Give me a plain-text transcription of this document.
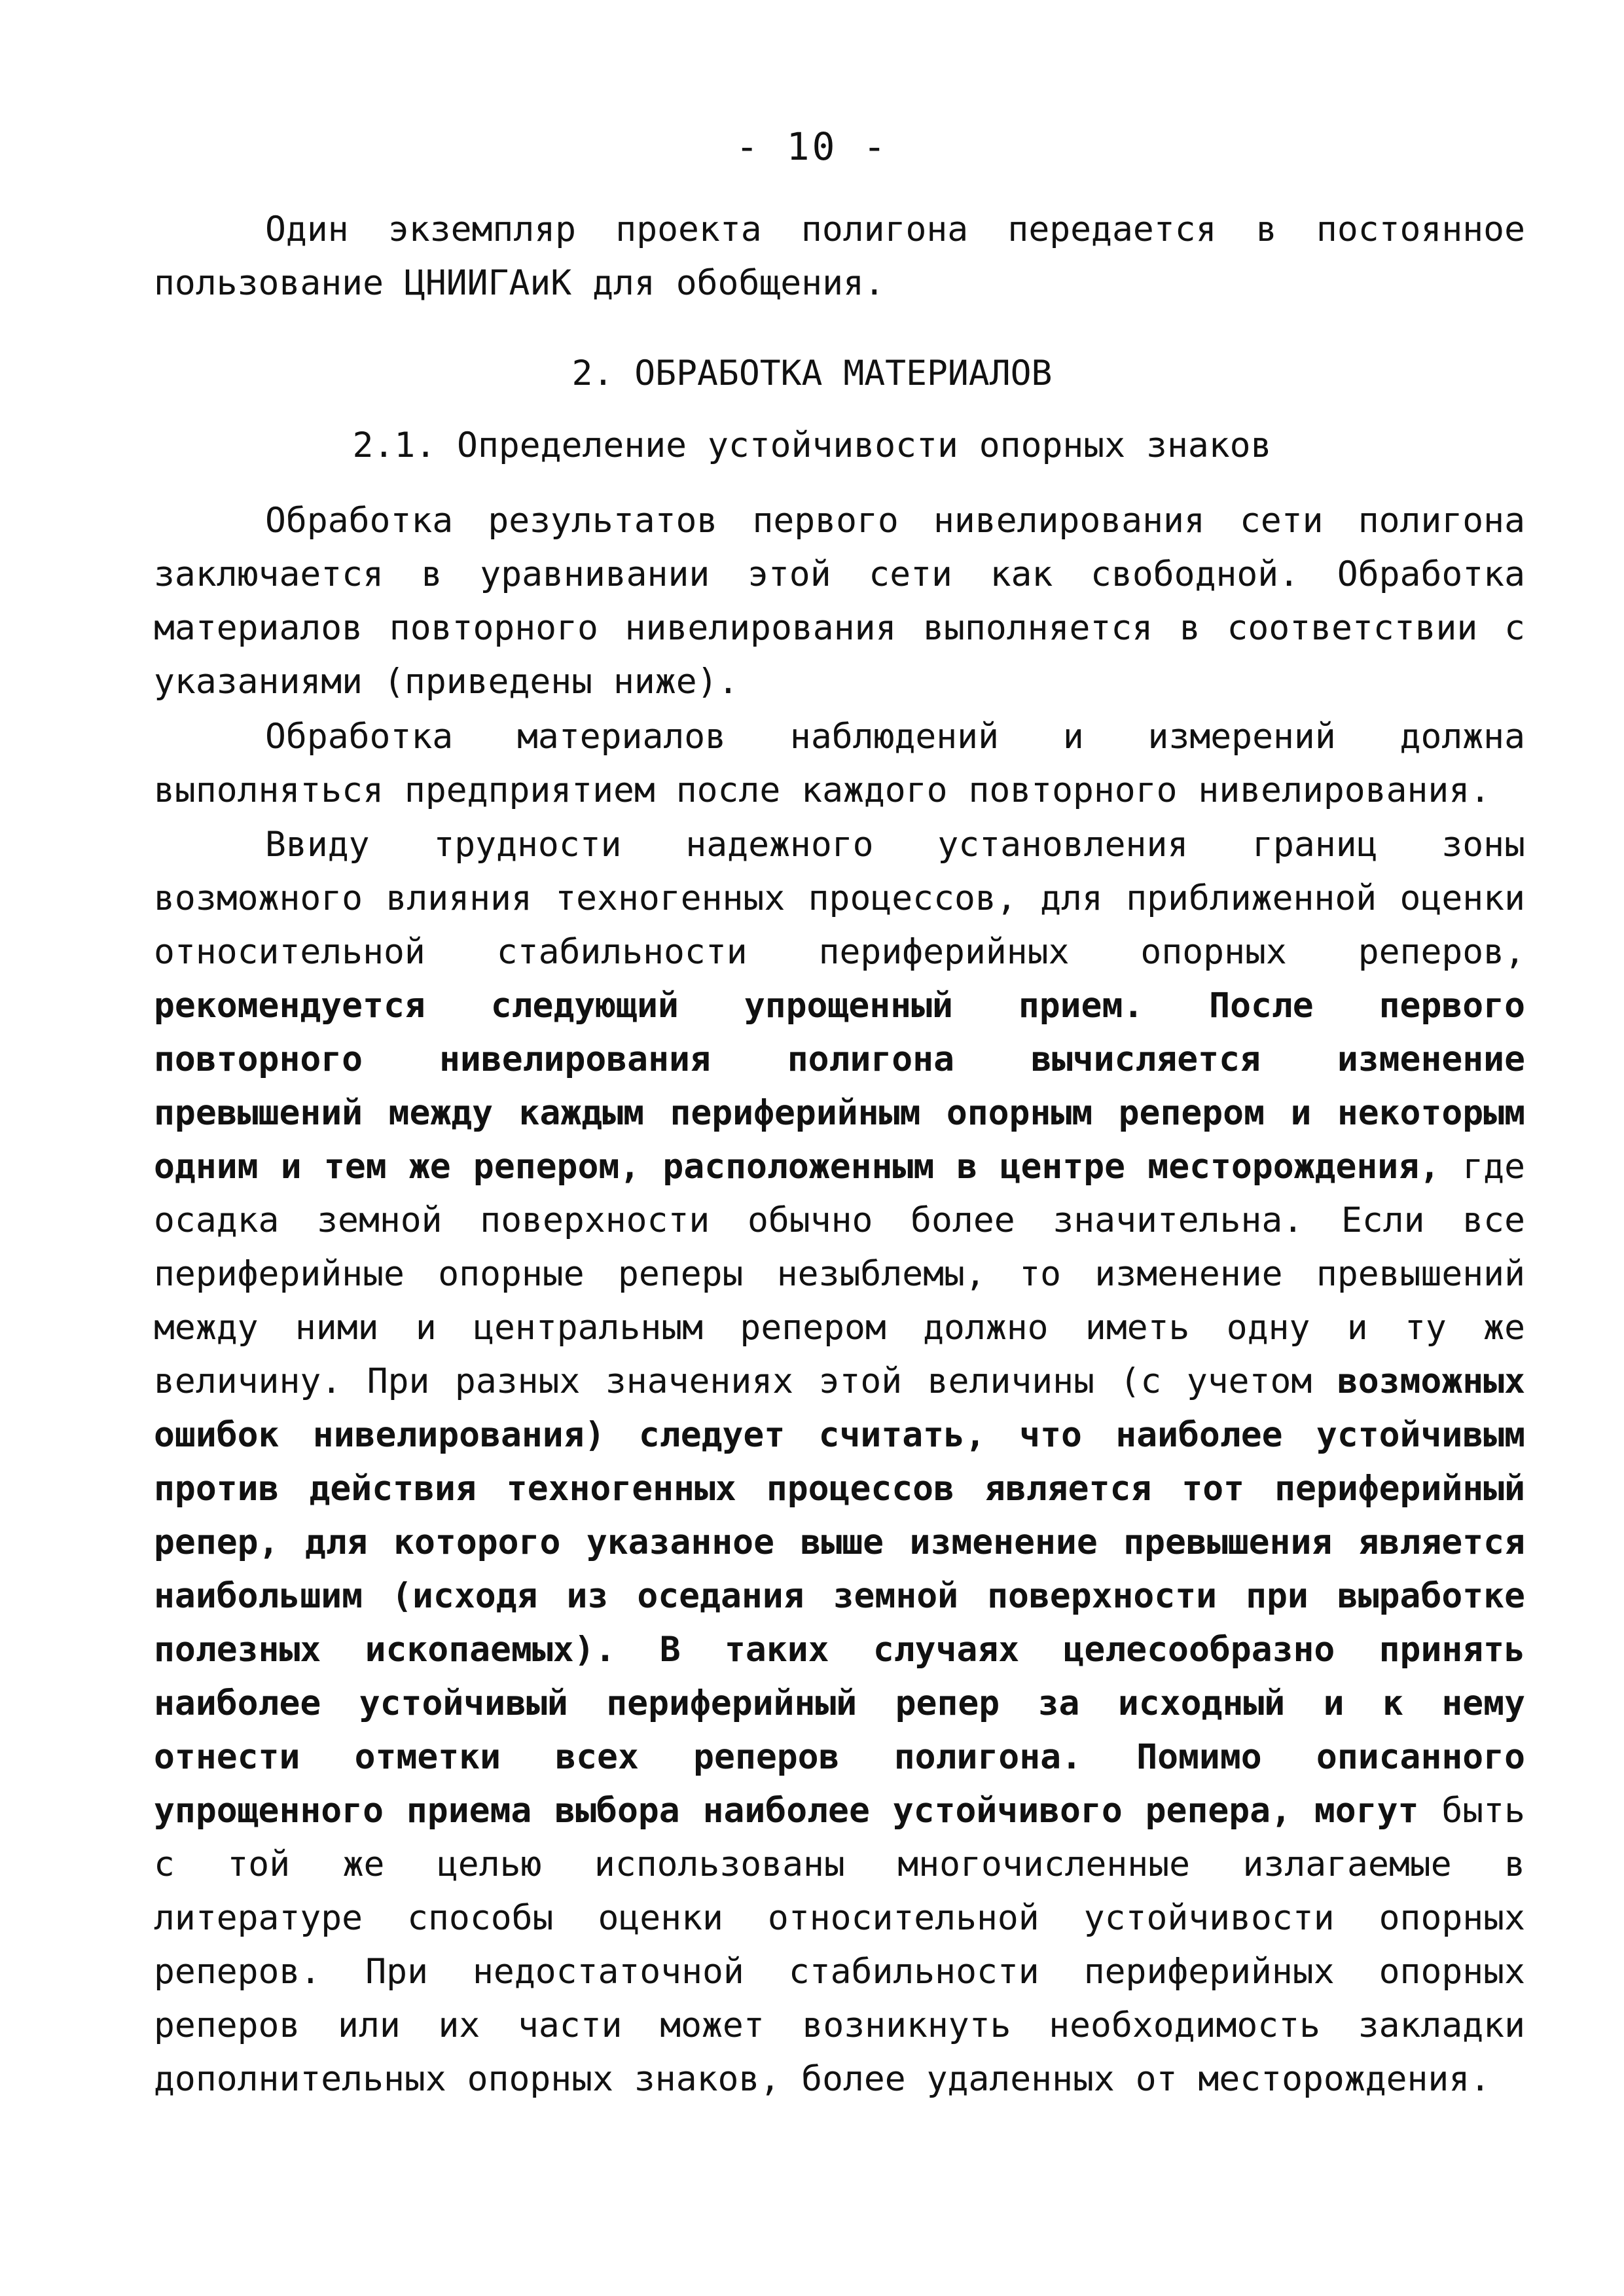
- 10 -

Один экземпляр проекта полигона передается в постоянное пользование ЦНИИГАиК для обобщения.

2. ОБРАБОТКА МАТЕРИАЛОВ

2.1. Определение устойчивости опорных знаков

Обработка результатов первого нивелирования сети полигона заключается в уравнивании этой сети как свободной. Обработка материалов повторного нивелирования выполняется в соответствии с указаниями (приведены ниже).

Обработка материалов наблюдений и измерений должна выполняться предприятием после каждого повторного нивелирования.

Ввиду трудности надежного установления границ зоны возможного влияния техногенных процессов, для приближенной оценки относительной стабильности периферийных опорных реперов, рекомендуется следующий упрощенный прием. После первого повторного нивелирования полигона вычисляется изменение превышений между каждым периферийным опорным репером и некоторым одним и тем же репером, расположенным в центре месторождения, где осадка земной поверхности обычно более значительна. Если все периферийные опорные реперы незыблемы, то изменение превышений между ними и центральным репером должно иметь одну и ту же величину. При разных значениях этой величины (с учетом возможных ошибок нивелирования) следует считать, что наиболее устойчивым против действия техногенных процессов является тот периферийный репер, для которого указанное выше изменение превышения является наибольшим (исходя из оседания земной поверхности при выработке полезных ископаемых). В таких случаях целесообразно принять наиболее устойчивый периферийный репер за исходный и к нему отнести отметки всех реперов полигона. Помимо описанного упрощенного приема выбора наиболее устойчивого репера, могут быть с той же целью использованы многочисленные излагаемые в литературе способы оценки относительной устойчивости опорных реперов. При недостаточной стабильности периферийных опорных реперов или их части может возникнуть необходимость закладки дополнительных опорных знаков, более удаленных от месторождения.
